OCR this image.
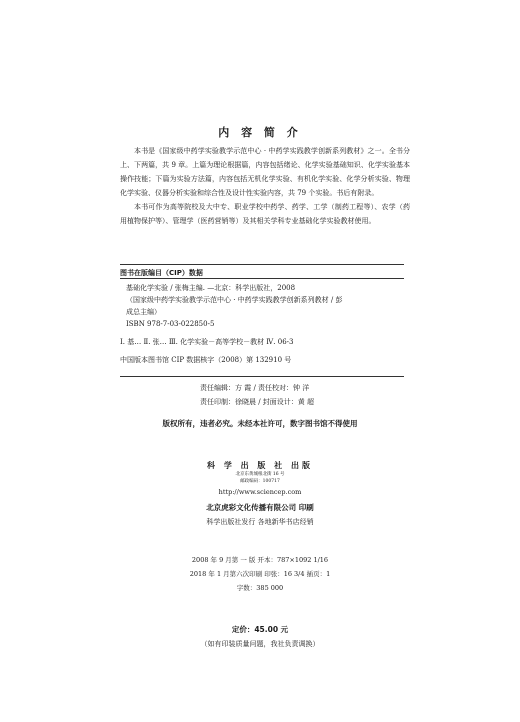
内 容 简 介

本书是《国家级中药学实验教学示范中心 · 中药学实践教学创新系列教材》之一。全书分上、下两篇，共 9 章。上篇为理论根据篇，内容包括绪论、化学实验基础知识、化学实验基本操作技能；下篇为实验方法篇，内容包括无机化学实验、有机化学实验、化学分析实验、物理化学实验、仪器分析实验和综合性及设计性实验内容，共 79 个实验。书后有附录。

本书可作为高等院校及大中专、职业学校中药学、药学、工学（制药工程等）、农学（药用植物保护等）、管理学（医药营销等）及其相关学科专业基础化学实验教材使用。

图书在版编目（CIP）数据
基础化学实验 / 张梅主编. —北京：科学出版社，2008
（国家级中药学实验教学示范中心 · 中药学实践教学创新系列教材 / 彭
成总主编）
ISBN 978-7-03-022850-5
Ⅰ. 基… Ⅱ. 张… Ⅲ. 化学实验－高等学校－教材 Ⅳ. 06-3
中国版本图书馆 CIP 数据核字（2008）第 132910 号
责任编辑：方 霞 / 责任校对：钟 洋
责任印制：徐晓晨 / 封面设计：黄 超
版权所有，违者必究。未经本社许可，数字图书馆不得使用
科 学 出 版 社 出版
北京东黄城根北街 16 号
邮政编码：100717
http://www.sciencep.com
北京虎彩文化传播有限公司 印刷
科学出版社发行 各地新华书店经销
2008 年 9 月第 一 版 开本：787×1092 1/16
2018 年 1 月第六次印刷 印张：16 3/4 插页：1
字数：385 000
定价：45.00 元
（如有印装质量问题，我社负责调换）
